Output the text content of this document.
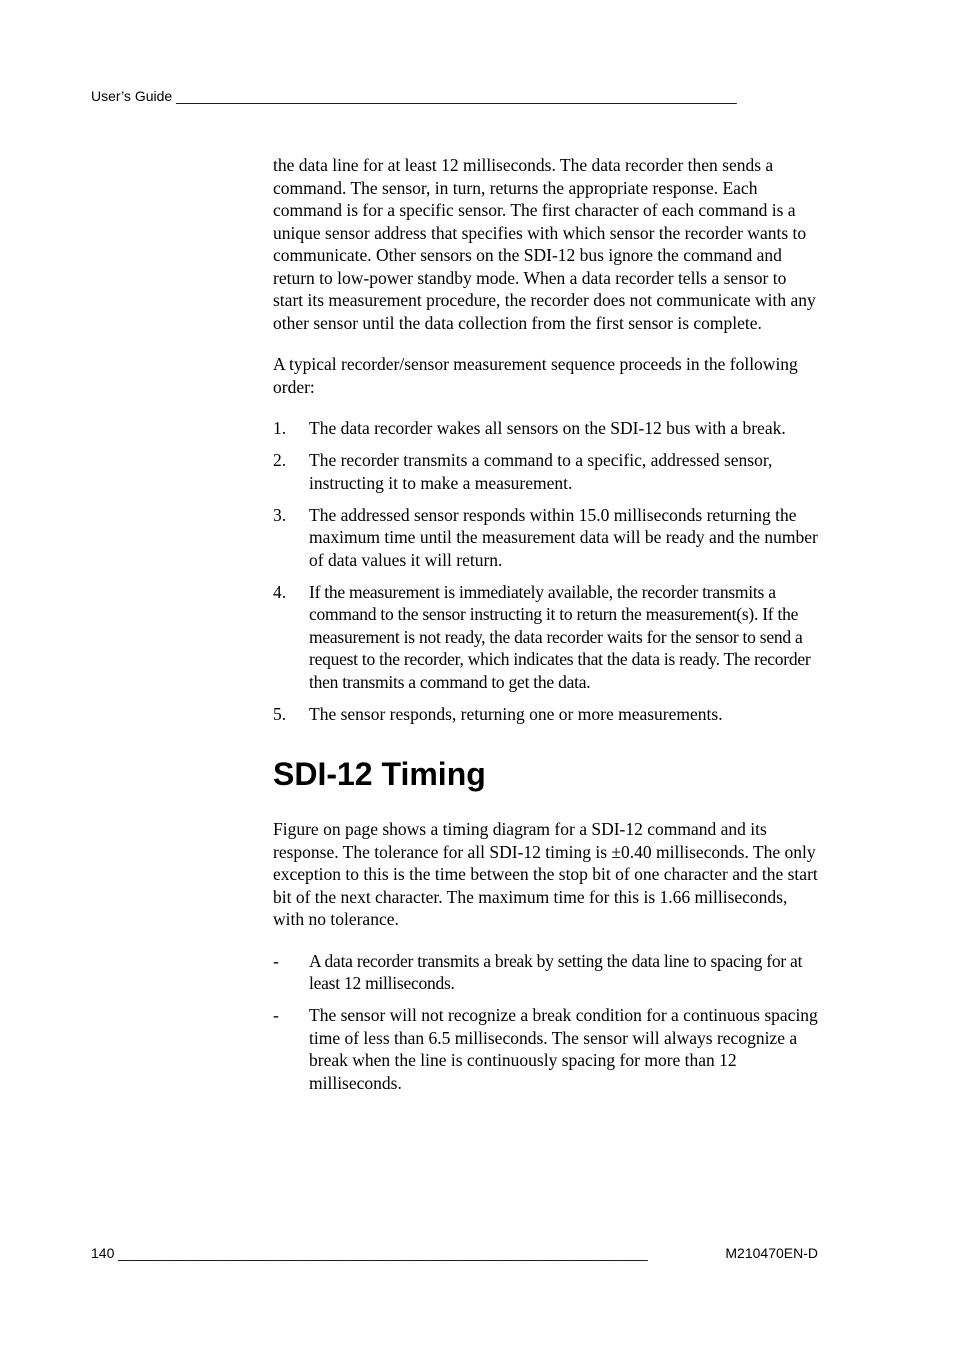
User’s Guide ________________________________________________________________________

the data line for at least 12 milliseconds. The data recorder then sends a command. The sensor, in turn, returns the appropriate response. Each command is for a specific sensor. The first character of each command is a unique sensor address that specifies with which sensor the recorder wants to communicate. Other sensors on the SDI-12 bus ignore the command and return to low-power standby mode. When a data recorder tells a sensor to start its measurement procedure, the recorder does not communicate with any other sensor until the data collection from the first sensor is complete.

A typical recorder/sensor measurement sequence proceeds in the following order:

1. The data recorder wakes all sensors on the SDI-12 bus with a break.
2. The recorder transmits a command to a specific, addressed sensor, instructing it to make a measurement.
3. The addressed sensor responds within 15.0 milliseconds returning the maximum time until the measurement data will be ready and the number of data values it will return.
4. If the measurement is immediately available, the recorder transmits a command to the sensor instructing it to return the measurement(s). If the measurement is not ready, the data recorder waits for the sensor to send a request to the recorder, which indicates that the data is ready. The recorder then transmits a command to get the data.
5. The sensor responds, returning one or more measurements.
SDI-12 Timing

Figure on page shows a timing diagram for a SDI-12 command and its response. The tolerance for all SDI-12 timing is ±0.40 milliseconds. The only exception to this is the time between the stop bit of one character and the start bit of the next character. The maximum time for this is 1.66 milliseconds, with no tolerance.

- A data recorder transmits a break by setting the data line to spacing for at least 12 milliseconds.
- The sensor will not recognize a break condition for a continuous spacing time of less than 6.5 milliseconds. The sensor will always recognize a break when the line is continuously spacing for more than 12 milliseconds.
140 ____________________________________________________________________	M210470EN-D
